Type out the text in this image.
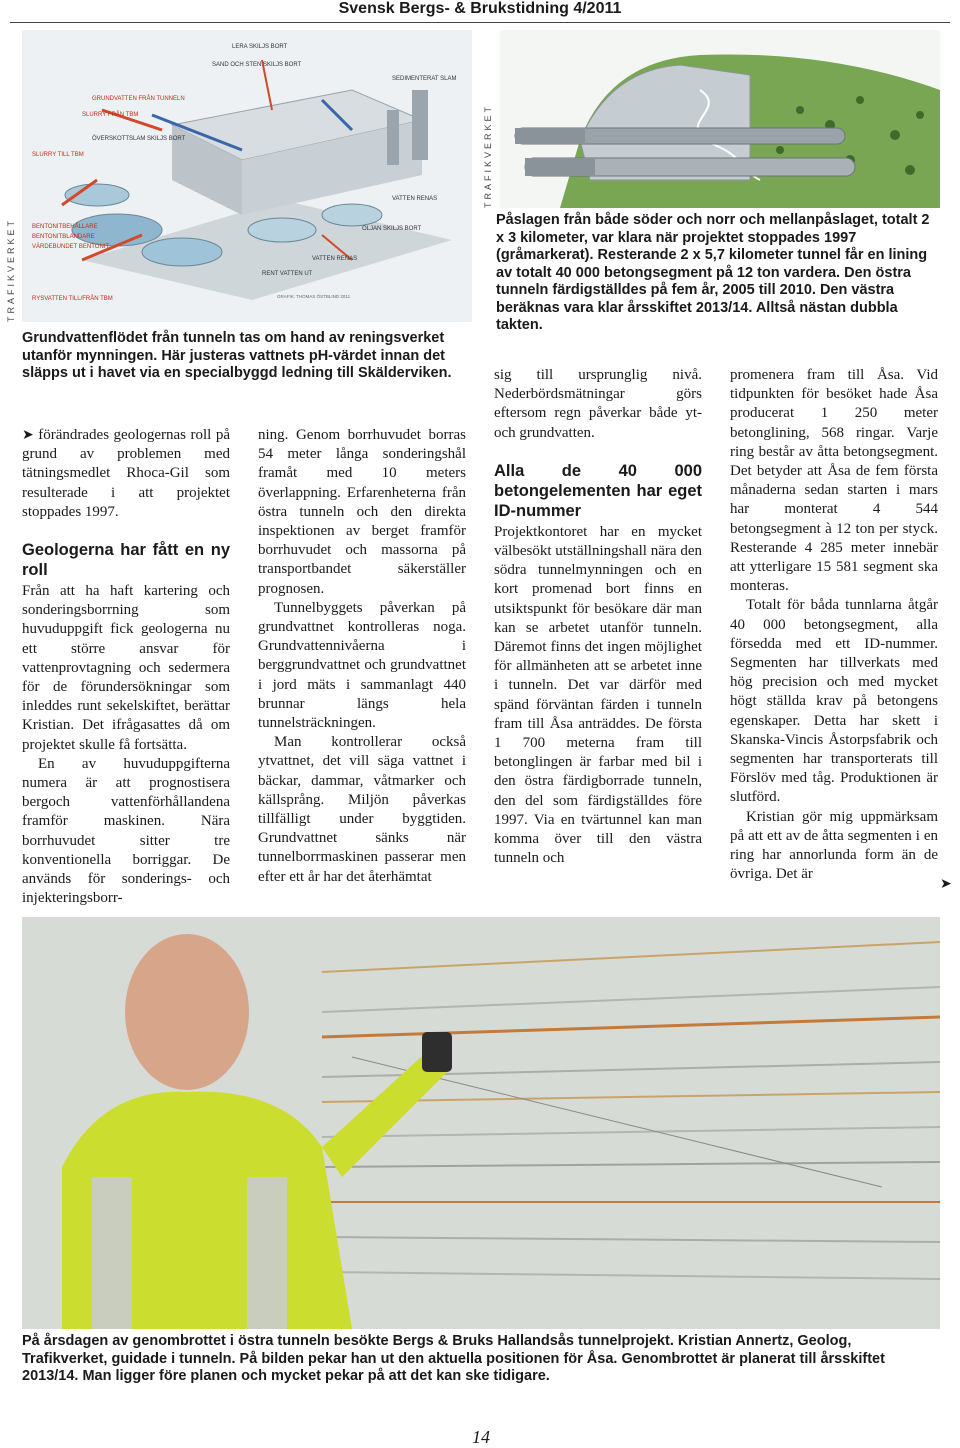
Svensk Bergs- & Brukstidning 4/2011
LERA SKILJS BORT
SAND OCH STEN SKILJS BORT
GRUNDVATTEN FRÅN TUNNELN
SLURRY FRÅN TBM
ÖVERSKOTTSLAM SKILJS BORT
SEDIMENTERAT SLAM
SLURRY TILL TBM
BENTONITBEHÅLLARE
BENTONITBLANDARE
VÄRDEBUNDET BENTONIT
OLJAN SKILJS BORT
VATTEN RENAS
VATTEN RENAS
RENT VATTEN UT
RYSVATTEN TILL/FRÅN TBM	GRAFIK: THOMAS ÖSTBLIND 2011
TRAFIKVERKET
TRAFIKVERKET
Grundvattenflödet från tunneln tas om hand av reningsverket utanför mynningen. Här justeras vattnets pH-värdet innan det släpps ut i havet via en specialbyggd ledning till Skälderviken.
Påslagen från både söder och norr och mellanpåslaget, totalt 2 x 3 kilometer, var klara när projektet stoppades 1997 (gråmarkerat). Resterande 2 x 5,7 kilometer tunnel får en lining av totalt 40 000 betongsegment på 12 ton vardera. Den östra tunneln färdigställdes på fem år, 2005 till 2010. Den västra beräknas vara klar årsskiftet 2013/14. Alltså nästan dubbla takten.

➤ förändrades geologernas roll på grund av problemen med tätningsmedlet Rhoca-Gil som resulterade i att projektet stoppades 1997.

Geologerna har fått en ny roll

Från att ha haft kartering och sonderingsborrning som huvuduppgift fick geologerna nu ett större ansvar för vattenprovtagning och sedermera för de förundersökningar som inleddes runt sekelskiftet, berättar Kristian. Det ifrågasattes då om projektet skulle få fortsätta.

En av huvuduppgifterna numera är att prognostisera bergoch vattenförhållandena framför maskinen. Nära borrhuvudet sitter tre konventionella borriggar. De används för sonderings- och injekteringsborr-

ning. Genom borrhuvudet borras 54 meter långa sonderingshål framåt med 10 meters överlappning. Erfarenheterna från östra tunneln och den direkta inspektionen av berget framför borrhuvudet och massorna på transportbandet säkerställer prognosen.

Tunnelbyggets påverkan på grundvattnet kontrolleras noga. Grundvattennivåerna i berggrundvattnet och grundvattnet i jord mäts i sammanlagt 440 brunnar längs hela tunnelsträckningen.

Man kontrollerar också ytvattnet, det vill säga vattnet i bäckar, dammar, våtmarker och källsprång. Miljön påverkas tillfälligt under byggtiden. Grundvattnet sänks när tunnelborrmaskinen passerar men efter ett år har det återhämtat

sig till ursprunglig nivå. Nederbördsmätningar görs eftersom regn påverkar både yt- och grundvatten.

Alla de 40 000 betongelementen har eget ID-nummer

Projektkontoret har en mycket välbesökt utställningshall nära den södra tunnelmynningen och en kort promenad bort finns en utsiktspunkt för besökare där man kan se arbetet utanför tunneln. Däremot finns det ingen möjlighet för allmänheten att se arbetet inne i tunneln. Det var därför med spänd förväntan färden i tunneln fram till Åsa anträddes. De första 1 700 meterna fram till betonglingen är farbar med bil i den östra färdigborrade tunneln, den del som färdigställdes före 1997. Via en tvärtunnel kan man komma över till den västra tunneln och

promenera fram till Åsa. Vid tidpunkten för besöket hade Åsa producerat 1 250 meter betonglining, 568 ringar. Varje ring består av åtta betongsegment. Det betyder att Åsa de fem första månaderna sedan starten i mars har monterat 4 544 betongsegment à 12 ton per styck. Resterande 4 285 meter innebär att ytterligare 15 581 segment ska monteras.

Totalt för båda tunnlarna åtgår 40 000 betongsegment, alla försedda med ett ID-nummer. Segmenten har tillverkats med hög precision och med mycket högt ställda krav på betongens egenskaper. Detta har skett i Skanska-Vincis Åstorpsfabrik och segmenten har transporterats till Förslöv med tåg. Produktionen är slutförd.

Kristian gör mig uppmärksam på att ett av de åtta segmenten i en ring har annorlunda form än de övriga. Det är

➤
På årsdagen av genombrottet i östra tunneln besökte Bergs & Bruks Hallandsås tunnelprojekt. Kristian Annertz, Geolog, Trafikverket, guidade i tunneln. På bilden pekar han ut den aktuella positionen för Åsa. Genombrottet är planerat till årsskiftet 2013/14. Man ligger före planen och mycket pekar på att det kan ske tidigare.
14
